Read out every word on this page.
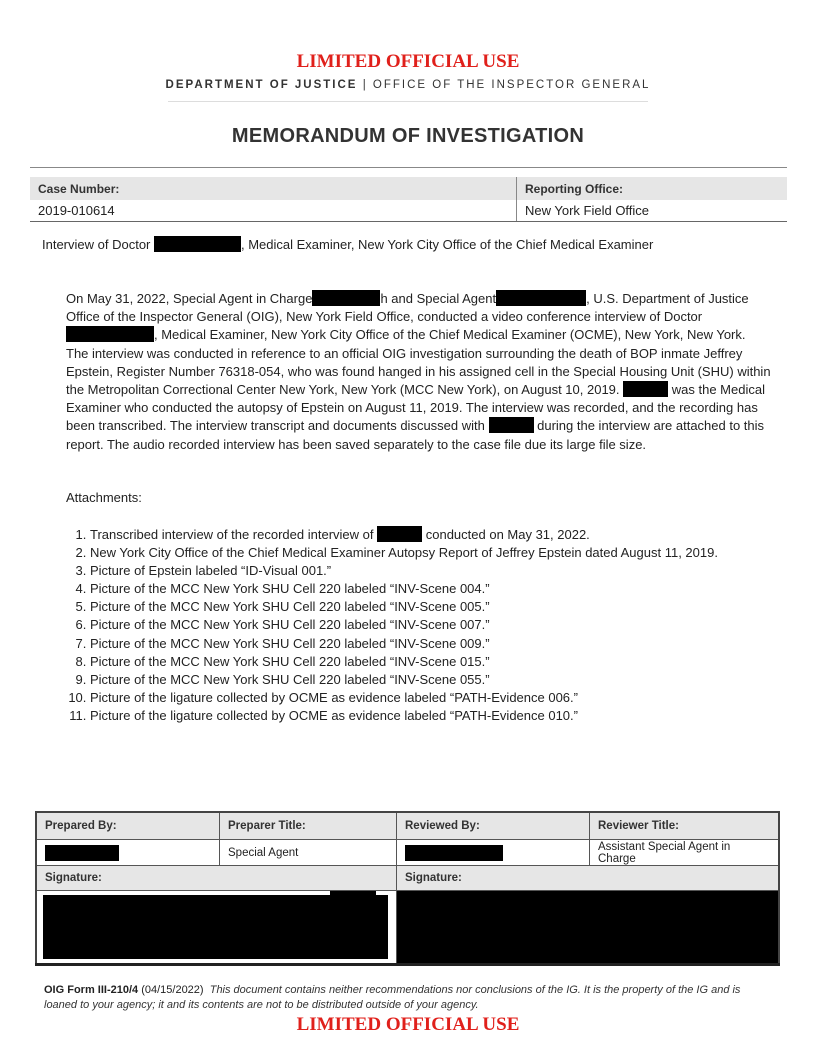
LIMITED OFFICIAL USE
DEPARTMENT OF JUSTICE | OFFICE OF THE INSPECTOR GENERAL
MEMORANDUM OF INVESTIGATION
Case Number:	Reporting Office:
2019-010614	New York Field Office
Interview of Doctor	, Medical Examiner, New York City Office of the Chief Medical Examiner
On May 31, 2022, Special Agent in Charge	h and Special Agent	, U.S. Department of Justice Office of the Inspector General (OIG), New York Field Office, conducted a video conference interview of Doctor , Medical Examiner, New York City Office of the Chief Medical Examiner (OCME), New York, New York. The interview was conducted in reference to an official OIG investigation surrounding the death of BOP inmate Jeffrey Epstein, Register Number 76318-054, who was found hanged in his assigned cell in the Special Housing Unit (SHU) within the Metropolitan Correctional Center New York, New York (MCC New York), on August 10, 2019.	was the Medical Examiner who conducted the autopsy of Epstein on August 11, 2019. The interview was recorded, and the recording has been transcribed. The interview transcript and documents discussed with	during the interview are attached to this report. The audio recorded interview has been saved separately to the case file due its large file size.
Attachments:
1. Transcribed interview of the recorded interview of	conducted on May 31, 2022.
2. New York City Office of the Chief Medical Examiner Autopsy Report of Jeffrey Epstein dated August 11, 2019.
3. Picture of Epstein labeled “ID-Visual 001.”
4. Picture of the MCC New York SHU Cell 220 labeled “INV-Scene 004.”
5. Picture of the MCC New York SHU Cell 220 labeled “INV-Scene 005.”
6. Picture of the MCC New York SHU Cell 220 labeled “INV-Scene 007.”
7. Picture of the MCC New York SHU Cell 220 labeled “INV-Scene 009.”
8. Picture of the MCC New York SHU Cell 220 labeled “INV-Scene 015.”
9. Picture of the MCC New York SHU Cell 220 labeled “INV-Scene 055.”
10. Picture of the ligature collected by OCME as evidence labeled “PATH-Evidence 006.”
11. Picture of the ligature collected by OCME as evidence labeled “PATH-Evidence 010.”
Prepared By:	Preparer Title:	Reviewed By:	Reviewer Title:
	Special Agent		Assistant Special Agent in Charge
Signature:		Signature:	

OIG Form III-210/4 (04/15/2022) This document contains neither recommendations nor conclusions of the IG. It is the property of the IG and is loaned to your agency; it and its contents are not to be distributed outside of your agency.
LIMITED OFFICIAL USE
